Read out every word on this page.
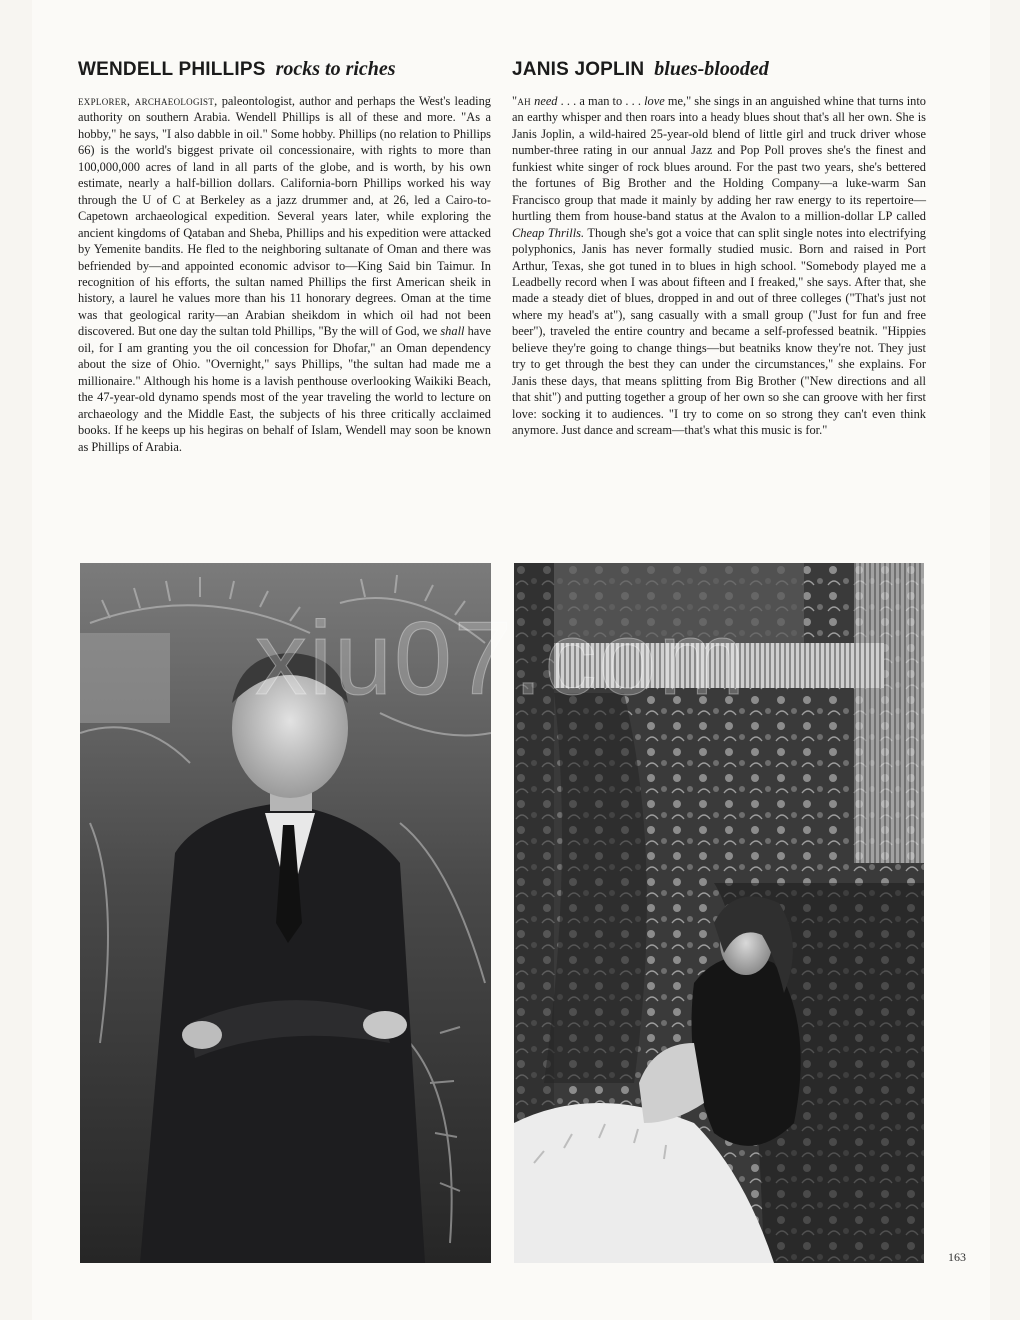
WENDELL PHILLIPS rocks to riches

explorer, archaeologist, paleontologist, author and perhaps the West's leading authority on southern Arabia. Wendell Phillips is all of these and more. "As a hobby," he says, "I also dabble in oil." Some hobby. Phillips (no relation to Phillips 66) is the world's biggest private oil concessionaire, with rights to more than 100,000,000 acres of land in all parts of the globe, and is worth, by his own estimate, nearly a half-billion dollars. California-born Phillips worked his way through the U of C at Berkeley as a jazz drummer and, at 26, led a Cairo-to-Capetown archaeological expedition. Several years later, while exploring the ancient kingdoms of Qataban and Sheba, Phillips and his expedition were attacked by Yemenite bandits. He fled to the neighboring sultanate of Oman and there was befriended by—and appointed economic advisor to—King Said bin Taimur. In recognition of his efforts, the sultan named Phillips the first American sheik in history, a laurel he values more than his 11 honorary degrees. Oman at the time was that geological rarity—an Arabian sheikdom in which oil had not been discovered. But one day the sultan told Phillips, "By the will of God, we shall have oil, for I am granting you the oil concession for Dhofar," an Oman dependency about the size of Ohio. "Overnight," says Phillips, "the sultan had made me a millionaire." Although his home is a lavish penthouse overlooking Waikiki Beach, the 47-year-old dynamo spends most of the year traveling the world to lecture on archaeology and the Middle East, the subjects of his three critically acclaimed books. If he keeps up his hegiras on behalf of Islam, Wendell may soon be known as Phillips of Arabia.

JANIS JOPLIN blues-blooded

"ah need . . . a man to . . . love me," she sings in an anguished whine that turns into an earthy whisper and then roars into a heady blues shout that's all her own. She is Janis Joplin, a wild-haired 25-year-old blend of little girl and truck driver whose number-three rating in our annual Jazz and Pop Poll proves she's the finest and funkiest white singer of rock blues around. For the past two years, she's bettered the fortunes of Big Brother and the Holding Company—a luke-warm San Francisco group that made it mainly by adding her raw energy to its repertoire—hurtling them from house-band status at the Avalon to a million-dollar LP called Cheap Thrills. Though she's got a voice that can split single notes into electrifying polyphonics, Janis has never formally studied music. Born and raised in Port Arthur, Texas, she got tuned in to blues in high school. "Somebody played me a Leadbelly record when I was about fifteen and I freaked," she says. After that, she made a steady diet of blues, dropped in and out of three colleges ("That's just not where my head's at"), sang casually with a small group ("Just for fun and free beer"), traveled the entire country and became a self-professed beatnik. "Hippies believe they're going to change things—but beatniks know they're not. They just try to get through the best they can under the circumstances," she explains. For Janis these days, that means splitting from Big Brother ("New directions and all that shit") and putting together a group of her own so she can groove with her first love: socking it to audiences. "I try to come on so strong they can't even think anymore. Just dance and scream—that's what this music is for."

xiu07.com
163
